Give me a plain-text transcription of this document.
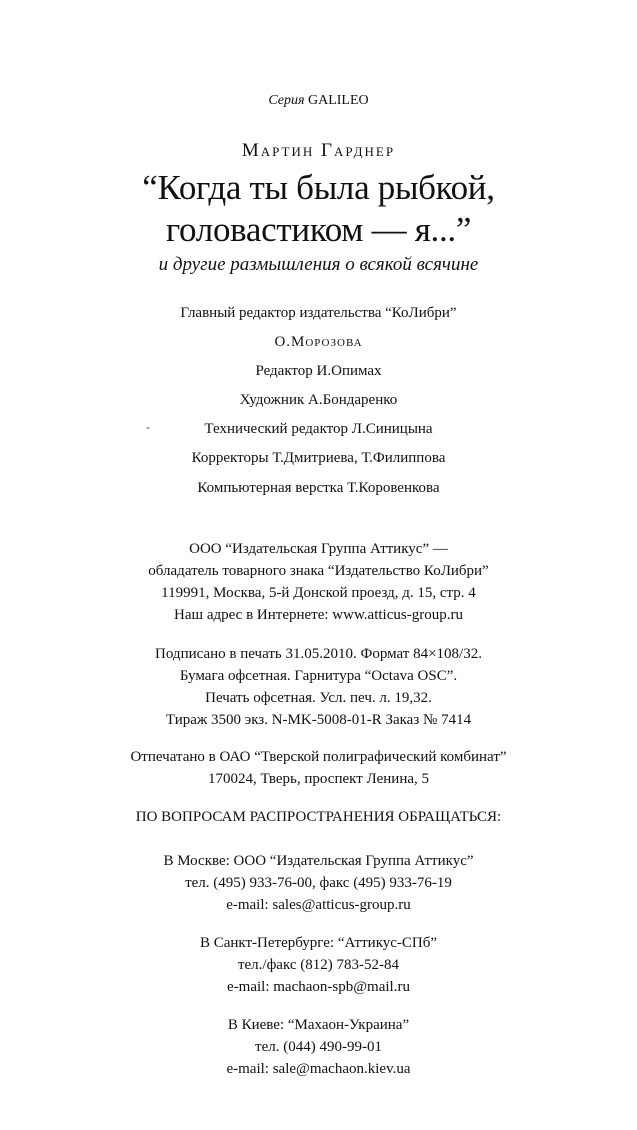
Серия GALILEO
Мартин Гарднер
“Когда ты была рыбкой,
головастиком — я...”
и другие размышления о всякой всячине
Главный редактор издательства “КоЛибри”
О.Морозова
Редактор И.Опимах
Художник А.Бондаренко
-	Технический редактор Л.Синицына
Корректоры Т.Дмитриева, Т.Филиппова
Компьютерная верстка Т.Коровенкова
ООО “Издательская Группа Аттикус” —
обладатель товарного знака “Издательство КоЛибри”
119991, Москва, 5-й Донской проезд, д. 15, стр. 4
Наш адрес в Интернете: www.atticus-group.ru
Подписано в печать 31.05.2010. Формат 84×108/32.
Бумага офсетная. Гарнитура “Octava OSC”.
Печать офсетная. Усл. печ. л. 19,32.
Тираж 3500 экз. N-MK-5008-01-R Заказ № 7414
Отпечатано в ОАО “Тверской полиграфический комбинат”
170024, Тверь, проспект Ленина, 5
ПО ВОПРОСАМ РАСПРОСТРАНЕНИЯ ОБРАЩАТЬСЯ:
В Москве: ООО “Издательская Группа Аттикус”
тел. (495) 933-76-00, факс (495) 933-76-19
e-mail: sales@atticus-group.ru
В Санкт-Петербурге: “Аттикус-СПб”
тел./факс (812) 783-52-84
e-mail: machaon-spb@mail.ru
В Киеве: “Махаон-Украина”
тел. (044) 490-99-01
e-mail: sale@machaon.kiev.ua
